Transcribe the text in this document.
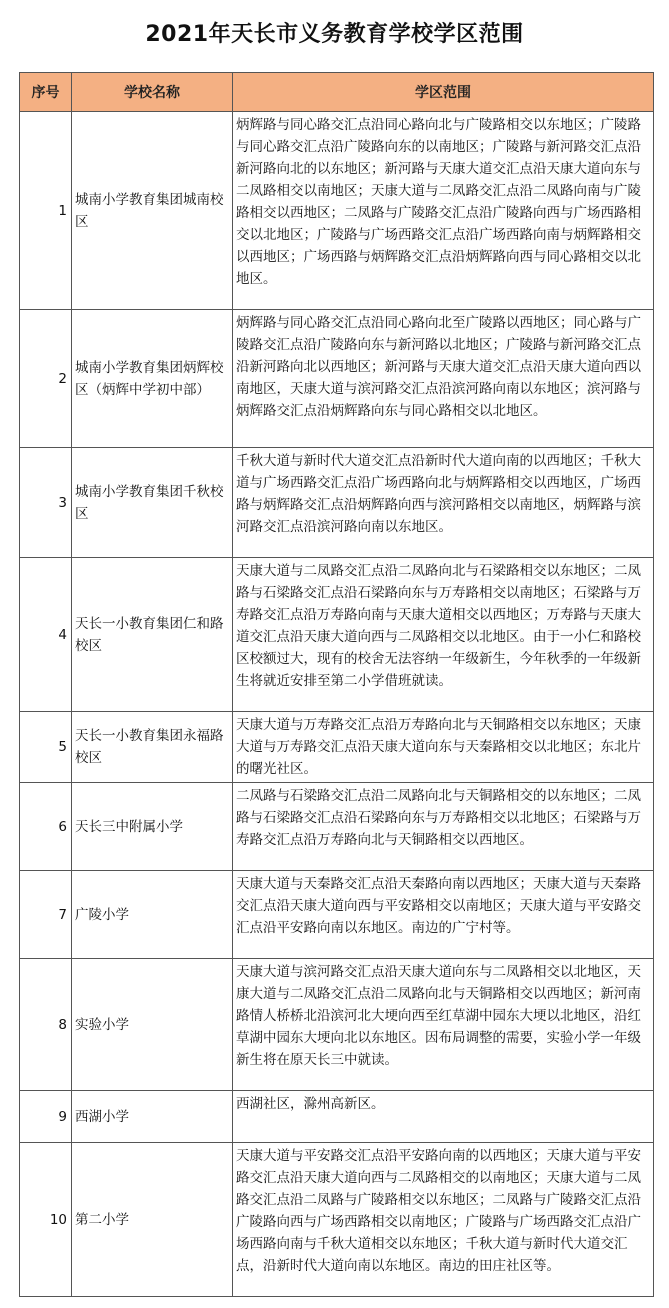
2021年天长市义务教育学校学区范围
序号	学校名称	学区范围
1	城南小学教育集团城南校区	炳辉路与同心路交汇点沿同心路向北与广陵路相交以东地区；广陵路与同心路交汇点沿广陵路向东的以南地区；广陵路与新河路交汇点沿新河路向北的以东地区；新河路与天康大道交汇点沿天康大道向东与二凤路相交以南地区；天康大道与二凤路交汇点沿二凤路向南与广陵路相交以西地区；二凤路与广陵路交汇点沿广陵路向西与广场西路相交以北地区；广陵路与广场西路交汇点沿广场西路向南与炳辉路相交以西地区；广场西路与炳辉路交汇点沿炳辉路向西与同心路相交以北地区。
2	城南小学教育集团炳辉校区（炳辉中学初中部）	炳辉路与同心路交汇点沿同心路向北至广陵路以西地区；同心路与广陵路交汇点沿广陵路向东与新河路以北地区；广陵路与新河路交汇点沿新河路向北以西地区；新河路与天康大道交汇点沿天康大道向西以南地区，天康大道与滨河路交汇点沿滨河路向南以东地区；滨河路与炳辉路交汇点沿炳辉路向东与同心路相交以北地区。
3	城南小学教育集团千秋校区	千秋大道与新时代大道交汇点沿新时代大道向南的以西地区；千秋大道与广场西路交汇点沿广场西路向北与炳辉路相交以西地区，广场西路与炳辉路交汇点沿炳辉路向西与滨河路相交以南地区，炳辉路与滨河路交汇点沿滨河路向南以东地区。
4	天长一小教育集团仁和路校区	天康大道与二凤路交汇点沿二凤路向北与石梁路相交以东地区；二凤路与石梁路交汇点沿石梁路向东与万寿路相交以南地区；石梁路与万寿路交汇点沿万寿路向南与天康大道相交以西地区；万寿路与天康大道交汇点沿天康大道向西与二凤路相交以北地区。由于一小仁和路校区校额过大，现有的校舍无法容纳一年级新生，今年秋季的一年级新生将就近安排至第二小学借班就读。
5	天长一小教育集团永福路校区	天康大道与万寿路交汇点沿万寿路向北与天铜路相交以东地区；天康大道与万寿路交汇点沿天康大道向东与天秦路相交以北地区；东北片的曙光社区。
6	天长三中附属小学	二凤路与石梁路交汇点沿二凤路向北与天铜路相交的以东地区；二凤路与石梁路交汇点沿石梁路向东与万寿路相交以北地区；石梁路与万寿路交汇点沿万寿路向北与天铜路相交以西地区。
7	广陵小学	天康大道与天秦路交汇点沿天秦路向南以西地区；天康大道与天秦路交汇点沿天康大道向西与平安路相交以南地区；天康大道与平安路交汇点沿平安路向南以东地区。南边的广宁村等。
8	实验小学	天康大道与滨河路交汇点沿天康大道向东与二凤路相交以北地区，天康大道与二凤路交汇点沿二凤路向北与天铜路相交以西地区；新河南路情人桥桥北沿滨河北大埂向西至红草湖中园东大埂以北地区，沿红草湖中园东大埂向北以东地区。因布局调整的需要，实验小学一年级新生将在原天长三中就读。
9	西湖小学	西湖社区，滁州高新区。
10	第二小学	天康大道与平安路交汇点沿平安路向南的以西地区；天康大道与平安路交汇点沿天康大道向西与二凤路相交的以南地区；天康大道与二凤路交汇点沿二凤路与广陵路相交以东地区；二凤路与广陵路交汇点沿广陵路向西与广场西路相交以南地区；广陵路与广场西路交汇点沿广场西路向南与千秋大道相交以东地区；千秋大道与新时代大道交汇点，沿新时代大道向南以东地区。南边的田庄社区等。
